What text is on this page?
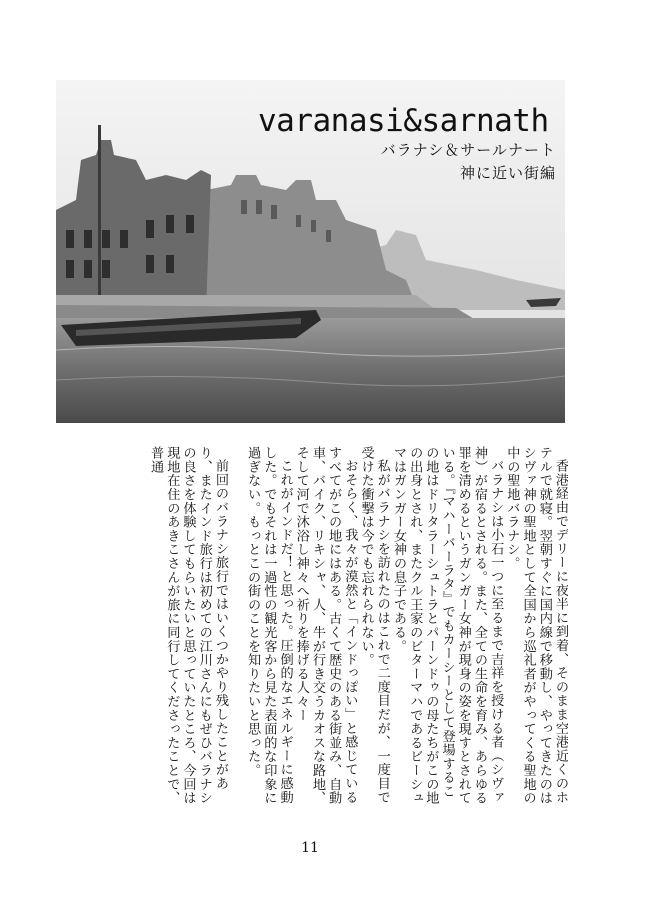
varanasi&sarnath
バラナシ＆サールナート
神に近い街編

香港経由でデリーに夜半に到着、そのまま空港近くのホテルで就寝。翌朝すぐに国内線で移動し、やってきたのはシヴァ神の聖地として全国から巡礼者がやってくる聖地の中の聖地バラナシ。

バラナシは小石一つに至るまで吉祥を授ける者（シヴァ神）が宿るとされる。また、全ての生命を育み、あらゆる罪を清めるというガンガー女神が現身の姿を現すとされている。『マハーバーラタ』でもカーシーとして登場するこの地はドリタラーシュトラとパーンドゥの母たちがこの地の出身とされ、またクル王家のビターマハであるビーシュマはガンガー女神の息子である。

私がバラナシを訪れたのはこれで二度目だが、一度目で受けた衝撃は今でも忘れられない。

おそらく、我々が漠然と「インドっぽい」と感じているすべてがこの地にはある。古くて歴史のある街並み、自動車、バイク、リキシャ、人、牛が行き交うカオスな路地、そして河で沐浴し神々へ祈りを捧げる人々ー

これがインドだ！と思った。圧倒的なエネルギーに感動した。でもそれは一過性の観光客から見た表面的な印象に過ぎない。もっとこの街のことを知りたいと思った。

前回のバラナシ旅行ではいくつかやり残したことがあり、またインド旅行は初めての江川さんにもぜひバラナシの良さを体験してもらいたいと思っていたところ、今回は現地在住のあきこさんが旅に同行してくださったことで、普通

11
